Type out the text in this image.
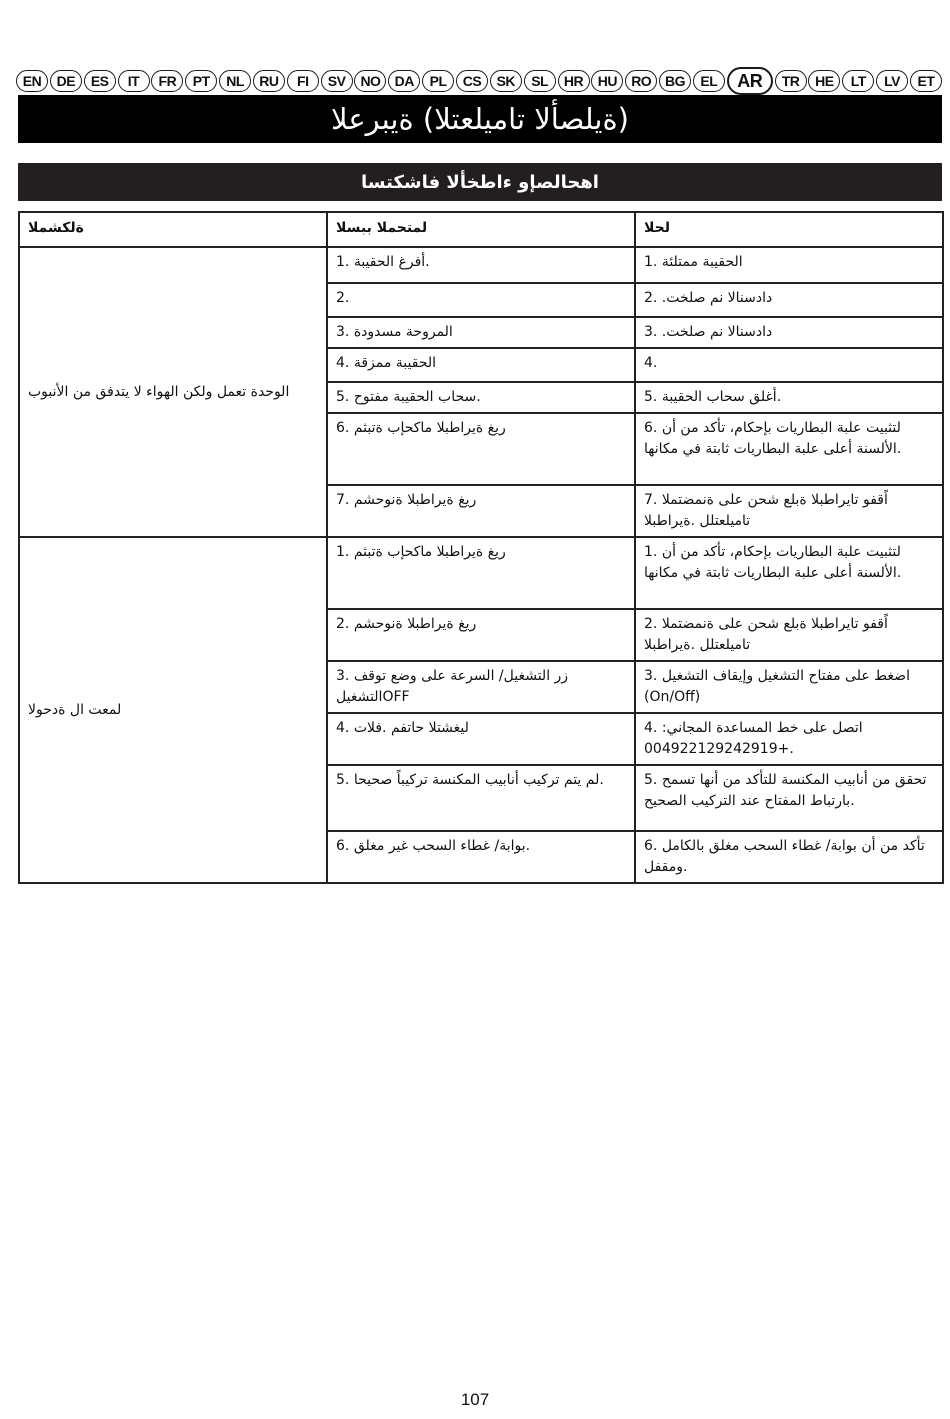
EN	DE	ES	IT	FR	PT	NL	RU	FI	SV	NO	DA	PL	CS	SK	SL	HR	HU	RO BG	EL	AR	TR	HE	LT	LV	ET
(ةيلصألا تاميلعتلا) ةيبرعلا
اهحالصإو ءاطخألا فاشكتسا
ةلكشملا	لمتحملا ببسلا	لحلا

الوحدة تعمل ولكن الهواء لا يتدفق من الأنبوب	1. أفرغ الحقيبة.	1. الحقيبة ممتلئة

	2.	2. .دادسنالا نم صلخت

	3. المروحة مسدودة	3. .دادسنالا نم صلخت

	4. الحقيبة ممزقة	4.

	5. سحاب الحقيبة مفتوح.	5. أغلق سحاب الحقيبة.

	6. ريغ ةيراطبلا ماكحإب ةتبثم	6. لتثبيت علبة البطاريات بإحكام، تأكد من أن الألسنة أعلى علبة البطاريات ثابتة في مكانها.

	7. ريغ ةيراطبلا ةنوحشم	7. اًقفو تايراطبلا ةبلع شحن على ةنمضتملا تاميلعتلل .ةيراطبلا

لمعت ال ةدحولا	1. ريغ ةيراطبلا ماكحإب ةتبثم	1. لتثبيت علبة البطاريات بإحكام، تأكد من أن الألسنة أعلى علبة البطاريات ثابتة في مكانها.

	2. ريغ ةيراطبلا ةنوحشم	2. اًقفو تايراطبلا ةبلع شحن على ةنمضتملا تاميلعتلل .ةيراطبلا

	3. زر التشغيل/ السرعة على وضع توقف التشغيلOFF	3. اضغط على مفتاح التشغيل وإيقاف التشغيل (On/Off)

	4. ليغشتلا حاتفم .فلات	4. اتصل على خط المساعدة المجاني: +004922129242919.

	5. لم يتم تركيب أنابيب المكنسة تركيباً صحيحا.	5. تحقق من أنابيب المكنسة للتأكد من أنها تسمح بارتباط المفتاح عند التركيب الصحيح.

	6. بوابة/ غطاء السحب غير مغلق.	6. تأكد من أن بوابة/ غطاء السحب مغلق بالكامل ومقفل.
107
